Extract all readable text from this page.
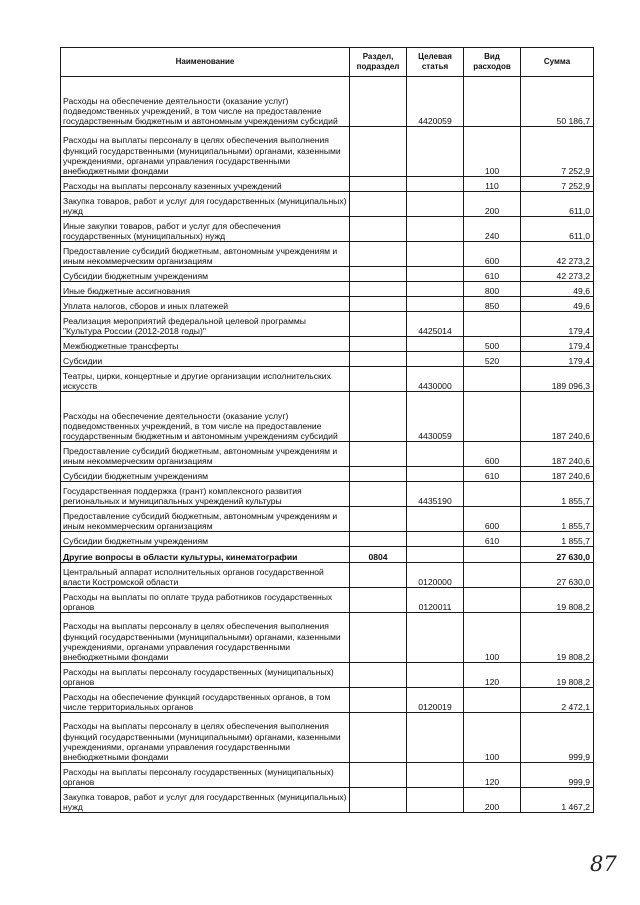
Наименование	Раздел, подраздел	Целевая статья	Вид расходов	Сумма
Расходы на обеспечение деятельности (оказание услуг) подведомственных учреждений, в том числе на предоставление государственным бюджетным и автономным учреждениям субсидий		4420059		50 186,7
Расходы на выплаты персоналу в целях обеспечения выполнения функций государственными (муниципальными) органами, казенными учреждениями, органами управления государственными внебюджетными фондами			100	7 252,9
Расходы на выплаты персоналу казенных учреждений			110	7 252,9
Закупка товаров, работ и услуг для государственных (муниципальных) нужд			200	611,0
Иные закупки товаров, работ и услуг для обеспечения государственных (муниципальных) нужд			240	611,0
Предоставление субсидий бюджетным, автономным учреждениям и иным некоммерческим организациям			600	42 273,2
Субсидии бюджетным учреждениям			610	42 273,2
Иные бюджетные ассигнования			800	49,6
Уплата налогов, сборов и иных платежей			850	49,6
Реализация мероприятий федеральной целевой программы "Культура России (2012-2018 годы)"		4425014		179,4
Межбюджетные трансферты			500	179,4
Субсидии			520	179,4
Театры, цирки, концертные и другие организации исполнительских искусств		4430000		189 096,3
Расходы на обеспечение деятельности (оказание услуг) подведомственных учреждений, в том числе на предоставление государственным бюджетным и автономным учреждениям субсидий		4430059		187 240,6
Предоставление субсидий бюджетным, автономным учреждениям и иным некоммерческим организациям			600	187 240,6
Субсидии бюджетным учреждениям			610	187 240,6
Государственная поддержка (грант) комплексного развития региональных и муниципальных учреждений культуры		4435190		1 855,7
Предоставление субсидий бюджетным, автономным учреждениям и иным некоммерческим организациям			600	1 855,7
Субсидии бюджетным учреждениям			610	1 855,7
Другие вопросы в области культуры, кинематографии	0804			27 630,0
Центральный аппарат исполнительных органов государственной власти Костромской области		0120000		27 630,0
Расходы на выплаты по оплате труда работников государственных органов		0120011		19 808,2
Расходы на выплаты персоналу в целях обеспечения выполнения функций государственными (муниципальными) органами, казенными учреждениями, органами управления государственными внебюджетными фондами			100	19 808,2
Расходы на выплаты персоналу государственных (муниципальных) органов			120	19 808,2
Расходы на обеспечение функций государственных органов, в том числе территориальных органов		0120019		2 472,1
Расходы на выплаты персоналу в целях обеспечения выполнения функций государственными (муниципальными) органами, казенными учреждениями, органами управления государственными внебюджетными фондами			100	999,9
Расходы на выплаты персоналу государственных (муниципальных) органов			120	999,9
Закупка товаров, работ и услуг для государственных (муниципальных) нужд			200	1 467,2
87
